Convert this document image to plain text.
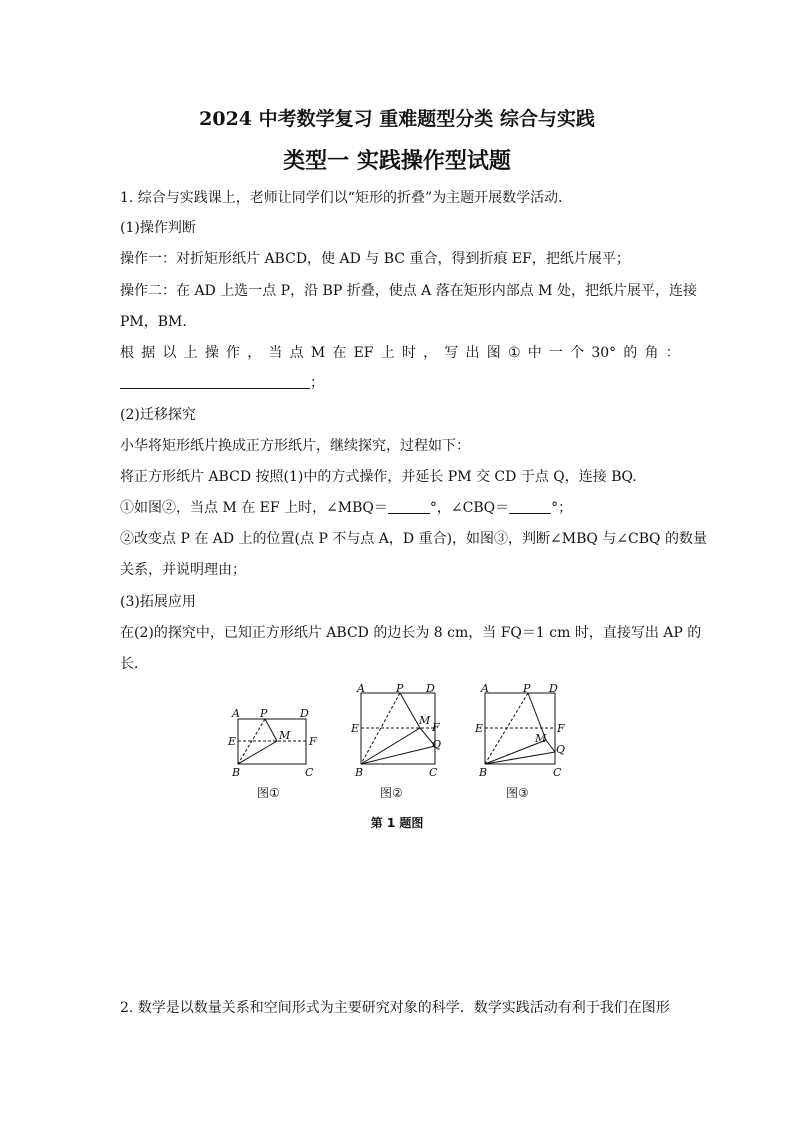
2024 中考数学复习 重难题型分类 综合与实践
类型一 实践操作型试题
1. 综合与实践课上，老师让同学们以“矩形的折叠”为主题开展数学活动．
(1)操作判断
操作一：对折矩形纸片 ABCD，使 AD 与 BC 重合，得到折痕 EF，把纸片展平；
操作二：在 AD 上选一点 P，沿 BP 折叠，使点 A 落在矩形内部点 M 处，把纸片展平，连接
PM，BM.
根 据 以 上 操 作 ， 当 点 M 在 EF 上 时 ， 写 出 图 ① 中 一 个 30° 的 角 ：
；
(2)迁移探究
小华将矩形纸片换成正方形纸片，继续探究，过程如下：
将正方形纸片 ABCD 按照(1)中的方式操作，并延长 PM 交 CD 于点 Q，连接 BQ.
①如图②，当点 M 在 EF 上时，∠MBQ＝	°，∠CBQ＝	°；
②改变点 P 在 AD 上的位置(点 P 不与点 A，D 重合)，如图③，判断∠MBQ 与∠CBQ 的数量
关系，并说明理由；
(3)拓展应用
在(2)的探究中，已知正方形纸片 ABCD 的边长为 8 cm，当 FQ＝1 cm 时，直接写出 AP 的
长．
A P	D
M
E	F
B	C
A	P D
M
F
E
Q
B	C
A	P D
F
E
M
Q
B	C
图①	图②	图③
第 1 题图
2. 数学是以数量关系和空间形式为主要研究对象的科学．数学实践活动有利于我们在图形
